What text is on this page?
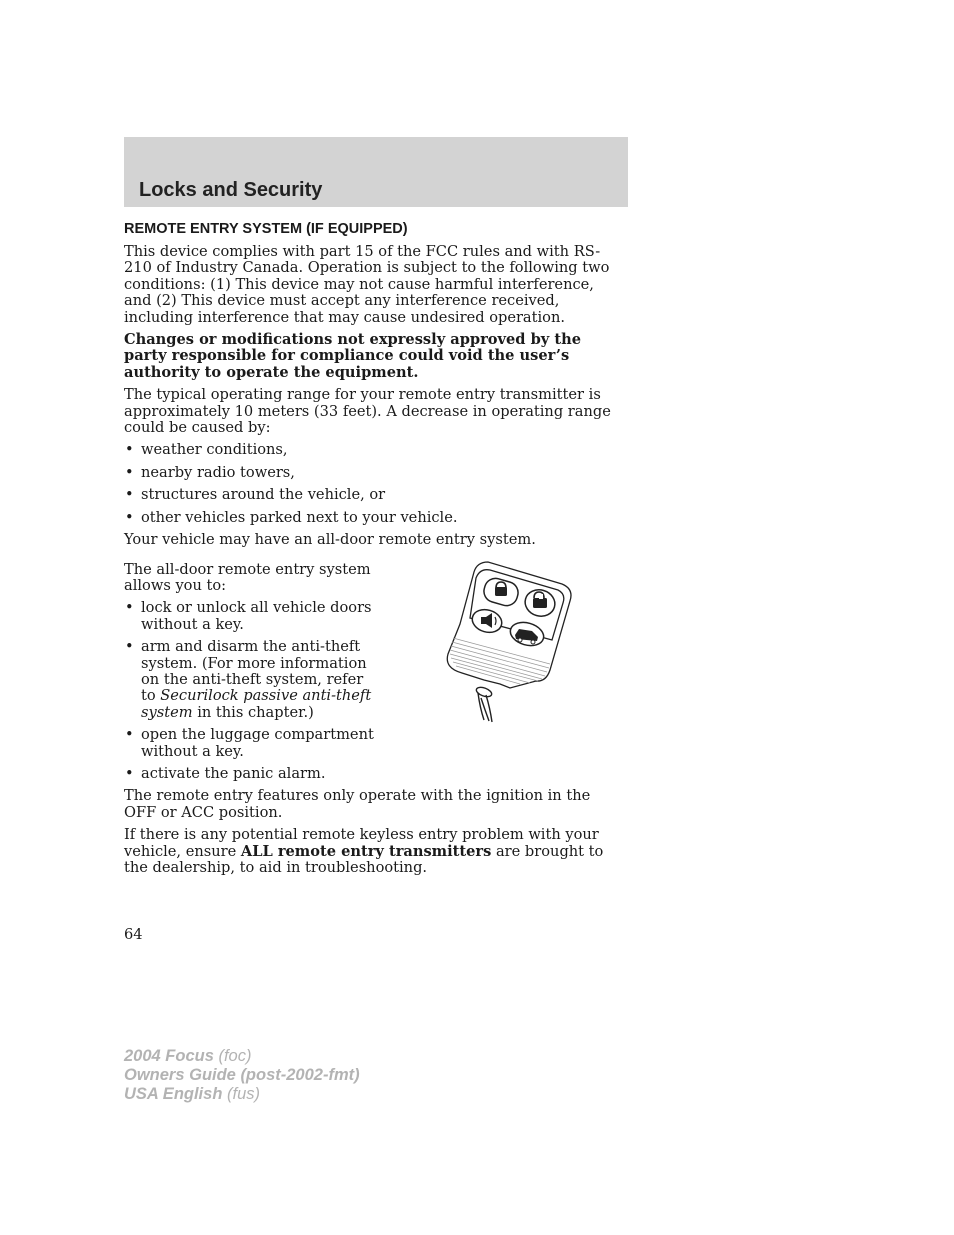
Locks and Security
REMOTE ENTRY SYSTEM (IF EQUIPPED)

This device complies with part 15 of the FCC rules and with RS-210 of Industry Canada. Operation is subject to the following two conditions: (1) This device may not cause harmful interference, and (2) This device must accept any interference received, including interference that may cause undesired operation.

Changes or modifications not expressly approved by the party responsible for compliance could void the user’s authority to operate the equipment.

The typical operating range for your remote entry transmitter is approximately 10 meters (33 feet). A decrease in operating range could be caused by:

• weather conditions,
• nearby radio towers,
• structures around the vehicle, or
• other vehicles parked next to your vehicle.

Your vehicle may have an all-door remote entry system.

The all-door remote entry system allows you to:

• lock or unlock all vehicle doors without a key.
• arm and disarm the anti-theft system. (For more information on the anti-theft system, refer to Securilock passive anti-theft system in this chapter.)
• open the luggage compartment without a key.
• activate the panic alarm.

The remote entry features only operate with the ignition in the OFF or ACC position.

If there is any potential remote keyless entry problem with your vehicle, ensure ALL remote entry transmitters are brought to the dealership, to aid in troubleshooting.

64
2004 Focus (foc)
Owners Guide (post-2002-fmt)
USA English (fus)
